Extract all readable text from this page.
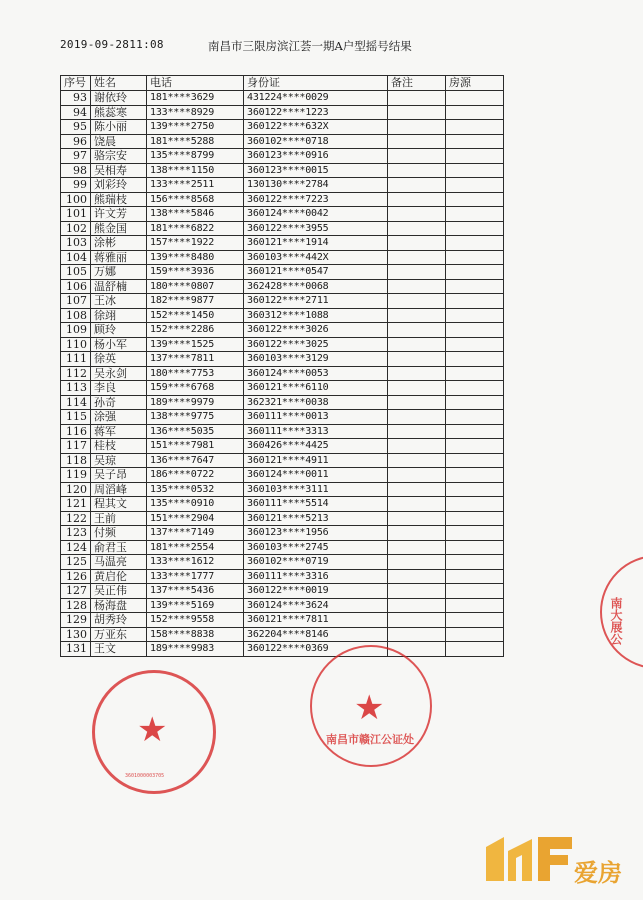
2019-09-2811:08	南昌市三限房滨江荟一期A户型摇号结果
序号	姓名	电话	身份证	备注	房源
93	谢依玲	181****3629	431224****0029		
94	熊蕊寒	133****8929	360122****1223		
95	陈小丽	139****2750	360122****632X		
96	饶晨	181****5288	360102****0718		
97	骆宗安	135****8799	360123****0916		
98	吴相寿	138****1150	360123****0015		
99	刘彩玲	133****2511	130130****2784		
100	熊瑞枝	156****8568	360122****7223		
101	许文芳	138****5846	360124****0042		
102	熊金国	181****6822	360122****3955		
103	涂彬	157****1922	360121****1914		
104	蒋雅丽	139****8480	360103****442X		
105	万娜	159****3936	360121****0547		
106	温舒楠	180****0807	362428****0068		
107	王冰	182****9877	360122****2711		
108	徐翊	152****1450	360312****1088		
109	顾玲	152****2286	360122****3026		
110	杨小军	139****1525	360122****3025		
111	徐英	137****7811	360103****3129		
112	吴永剑	180****7753	360124****0053		
113	李良	159****6768	360121****6110		
114	孙奇	189****9979	362321****0038		
115	涂强	138****9775	360111****0013		
116	蒋军	136****5035	360111****3313		
117	桂枝	151****7981	360426****4425		
118	吴琼	136****7647	360121****4911		
119	吴子昂	186****0722	360124****0011		
120	周滔峰	135****0532	360103****3111		
121	程其文	135****0910	360111****5514		
122	王前	151****2904	360121****5213		
123	付频	137****7149	360123****1956		
124	俞君玉	181****2554	360103****2745		
125	马温亮	133****1612	360102****0719		
126	黄启伦	133****1777	360111****3316		
127	吴正伟	137****5436	360122****0019		
128	杨海盘	139****5169	360124****3624		
129	胡秀玲	152****9558	360121****7811		
130	万亚东	158****8838	362204****8146		
131	王文	189****9983	360122****0369		
★
3601000003705
★
南昌市赣江公证处
南大展公
爱房
